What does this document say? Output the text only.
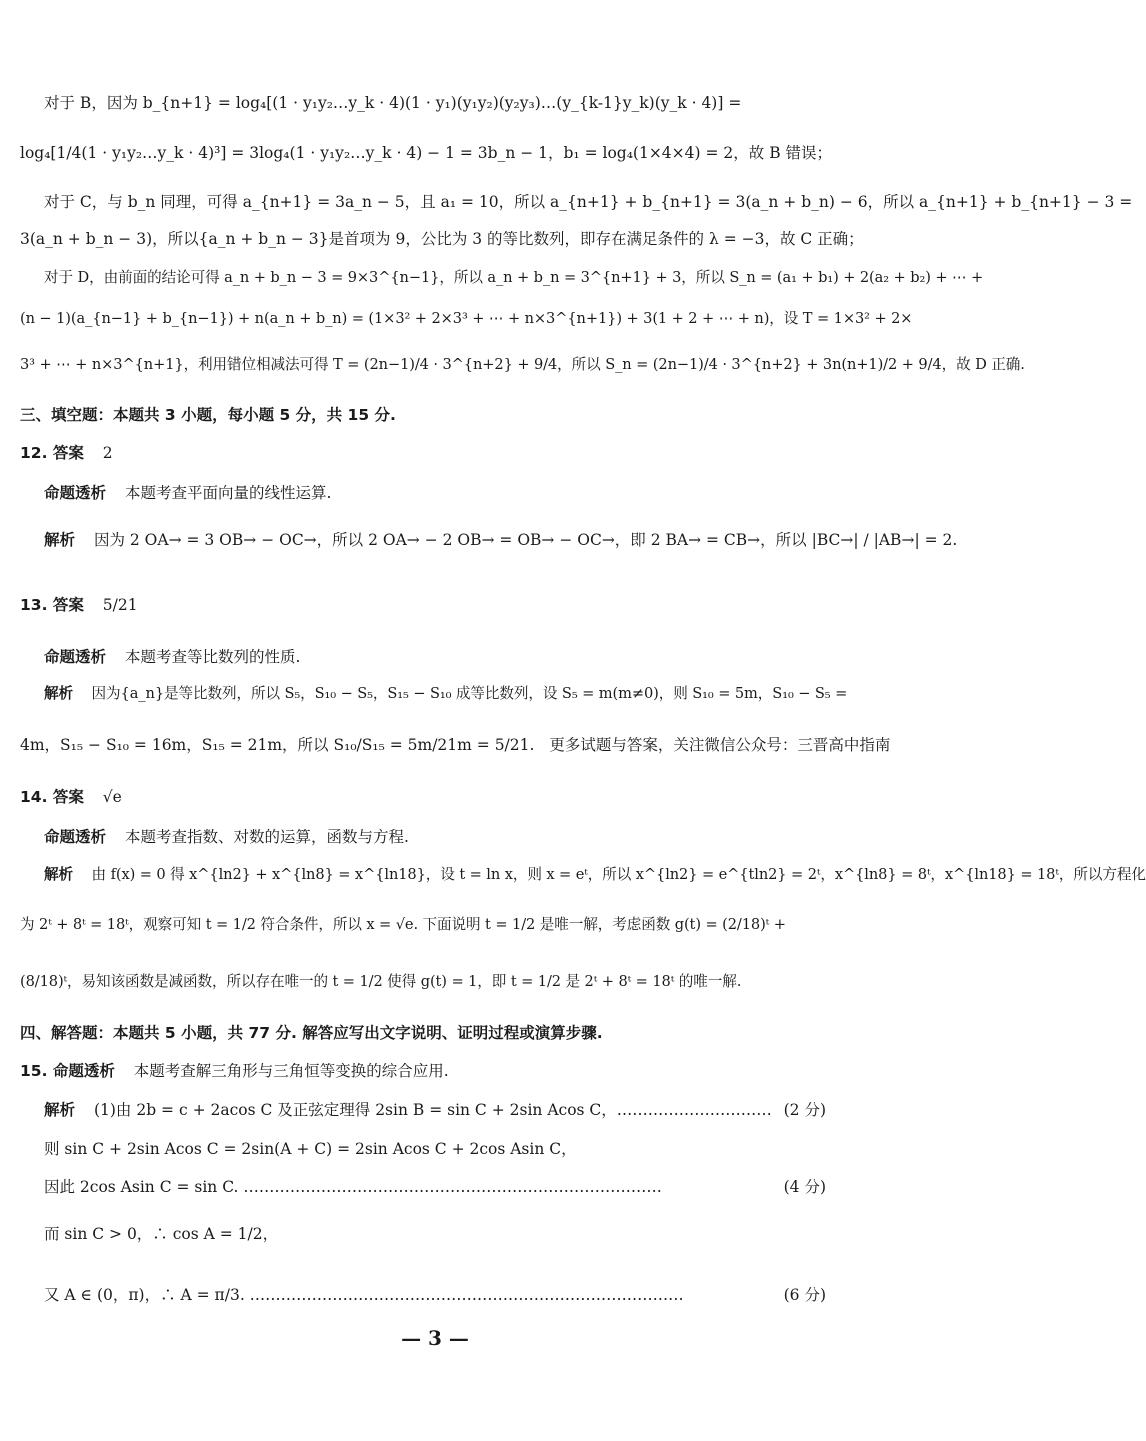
对于 B，因为 b_{n+1} = log₄[(1 · y₁y₂…y_k · 4)(1 · y₁)(y₁y₂)(y₂y₃)…(y_{k-1}y_k)(y_k · 4)] =
log₄[1/4(1 · y₁y₂…y_k · 4)³] = 3log₄(1 · y₁y₂…y_k · 4) − 1 = 3b_n − 1，b₁ = log₄(1×4×4) = 2，故 B 错误；
对于 C，与 b_n 同理，可得 a_{n+1} = 3a_n − 5，且 a₁ = 10，所以 a_{n+1} + b_{n+1} = 3(a_n + b_n) − 6，所以 a_{n+1} + b_{n+1} − 3 =
3(a_n + b_n − 3)，所以{a_n + b_n − 3}是首项为 9，公比为 3 的等比数列，即存在满足条件的 λ = −3，故 C 正确；
对于 D，由前面的结论可得 a_n + b_n − 3 = 9×3^{n−1}，所以 a_n + b_n = 3^{n+1} + 3，所以 S_n = (a₁ + b₁) + 2(a₂ + b₂) + ⋯ +
(n − 1)(a_{n−1} + b_{n−1}) + n(a_n + b_n) = (1×3² + 2×3³ + ⋯ + n×3^{n+1}) + 3(1 + 2 + ⋯ + n)，设 T = 1×3² + 2×
3³ + ⋯ + n×3^{n+1}，利用错位相减法可得 T = (2n−1)/4 · 3^{n+2} + 9/4，所以 S_n = (2n−1)/4 · 3^{n+2} + 3n(n+1)/2 + 9/4，故 D 正确.
三、填空题：本题共 3 小题，每小题 5 分，共 15 分.
12. 答案 2
命题透析 本题考查平面向量的线性运算.
解析 因为 2 OA→ = 3 OB→ − OC→，所以 2 OA→ − 2 OB→ = OB→ − OC→，即 2 BA→ = CB→，所以 |BC→| / |AB→| = 2.
13. 答案 5/21
命题透析 本题考查等比数列的性质.
解析 因为{a_n}是等比数列，所以 S₅，S₁₀ − S₅，S₁₅ − S₁₀ 成等比数列，设 S₅ = m(m≠0)，则 S₁₀ = 5m，S₁₀ − S₅ =
4m，S₁₅ − S₁₀ = 16m，S₁₅ = 21m，所以 S₁₀/S₁₅ = 5m/21m = 5/21. 更多试题与答案，关注微信公众号：三晋高中指南
14. 答案 √e
命题透析 本题考查指数、对数的运算，函数与方程.
解析 由 f(x) = 0 得 x^{ln2} + x^{ln8} = x^{ln18}，设 t = ln x，则 x = eᵗ，所以 x^{ln2} = e^{tln2} = 2ᵗ，x^{ln8} = 8ᵗ，x^{ln18} = 18ᵗ，所以方程化
为 2ᵗ + 8ᵗ = 18ᵗ，观察可知 t = 1/2 符合条件，所以 x = √e. 下面说明 t = 1/2 是唯一解，考虑函数 g(t) = (2/18)ᵗ +
(8/18)ᵗ，易知该函数是减函数，所以存在唯一的 t = 1/2 使得 g(t) = 1，即 t = 1/2 是 2ᵗ + 8ᵗ = 18ᵗ 的唯一解.
四、解答题：本题共 5 小题，共 77 分. 解答应写出文字说明、证明过程或演算步骤.
15. 命题透析 本题考查解三角形与三角恒等变换的综合应用.
解析 (1)由 2b = c + 2acos C 及正弦定理得 2sin B = sin C + 2sin Acos C，………………………… (2 分)
则 sin C + 2sin Acos C = 2sin(A + C) = 2sin Acos C + 2cos Asin C，
因此 2cos Asin C = sin C. ………………………………………………………………………	(4 分)
而 sin C > 0，∴ cos A = 1/2，
又 A ∈ (0，π)，∴ A = π/3. …………………………………………………………………………	(6 分)
— 3 —
